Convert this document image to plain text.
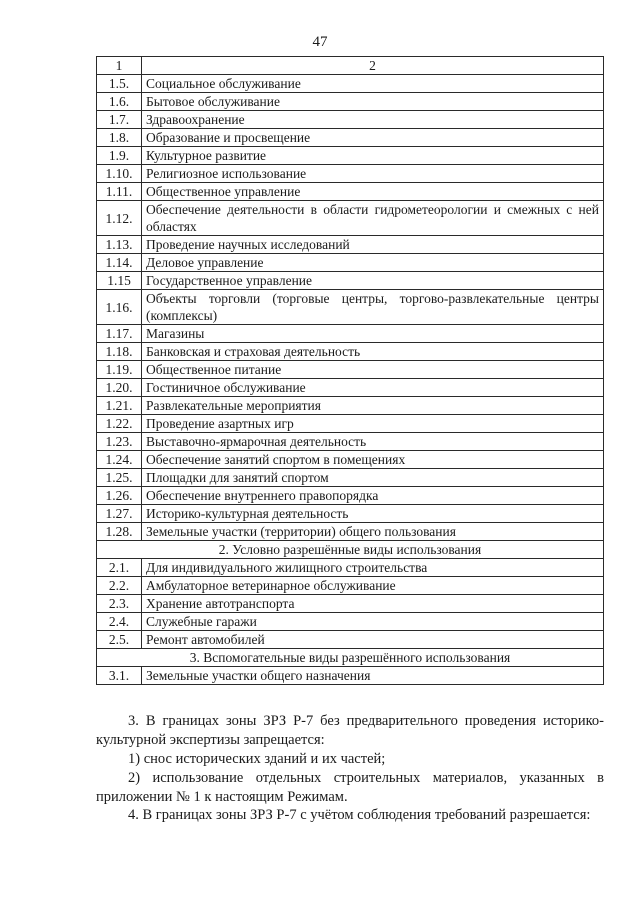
47
1	2
1.5.	Социальное обслуживание
1.6.	Бытовое обслуживание
1.7.	Здравоохранение
1.8.	Образование и просвещение
1.9.	Культурное развитие
1.10.	Религиозное использование
1.11.	Общественное управление
1.12.	Обеспечение деятельности в области гидрометеорологии и смежных с ней областях
1.13.	Проведение научных исследований
1.14.	Деловое управление
1.15	Государственное управление
1.16.	Объекты торговли (торговые центры, торгово-развлекательные центры (комплексы)
1.17.	Магазины
1.18.	Банковская и страховая деятельность
1.19.	Общественное питание
1.20.	Гостиничное обслуживание
1.21.	Развлекательные мероприятия
1.22.	Проведение азартных игр
1.23.	Выставочно-ярмарочная деятельность
1.24.	Обеспечение занятий спортом в помещениях
1.25.	Площадки для занятий спортом
1.26.	Обеспечение внутреннего правопорядка
1.27.	Историко-культурная деятельность
1.28.	Земельные участки (территории) общего пользования
2. Условно разрешённые виды использования	
2.1.	Для индивидуального жилищного строительства
2.2.	Амбулаторное ветеринарное обслуживание
2.3.	Хранение автотранспорта
2.4.	Служебные гаражи
2.5.	Ремонт автомобилей
3. Вспомогательные виды разрешённого использования	
3.1.	Земельные участки общего назначения

3. В границах зоны ЗРЗ Р-7 без предварительного проведения историко-культурной экспертизы запрещается:

1) снос исторических зданий и их частей;

2) использование отдельных строительных материалов, указанных в приложении № 1 к настоящим Режимам.

4. В границах зоны ЗРЗ Р-7 с учётом соблюдения требований разрешается:
